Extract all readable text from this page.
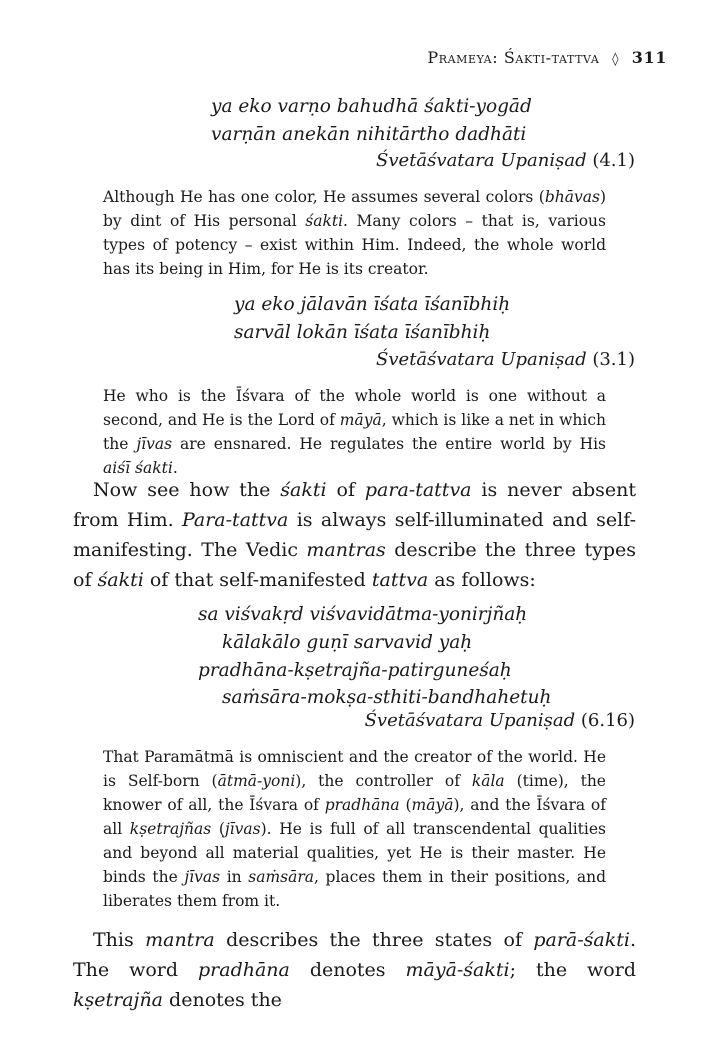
Prameya: Śakti-tattva ◊ 311
ya eko varṇo bahudhā śakti-yogād
varṇān anekān nihitārtho dadhāti
Śvetāśvatara Upaniṣad (4.1)
Although He has one color, He assumes several colors (bhāvas) by dint of His personal śakti. Many colors – that is, various types of potency – exist within Him. Indeed, the whole world has its being in Him, for He is its creator.
ya eko jālavān īśata īśanībhiḥ
sarvāl lokān īśata īśanībhiḥ
Śvetāśvatara Upaniṣad (3.1)
He who is the Īśvara of the whole world is one without a second, and He is the Lord of māyā, which is like a net in which the jīvas are ensnared. He regulates the entire world by His aiśī śakti.
Now see how the śakti of para-tattva is never absent from Him. Para-tattva is always self-illuminated and self-manifesting. The Vedic mantras describe the three types of śakti of that self-manifested tattva as follows:
sa viśvakṛd viśvavidātma-yonirjñaḥ
kālakālo guṇī sarvavid yaḥ
pradhāna-kṣetrajña-patirguneśaḥ
saṁsāra-mokṣa-sthiti-bandhahetuḥ
Śvetāśvatara Upaniṣad (6.16)
That Paramātmā is omniscient and the creator of the world. He is Self-born (ātmā-yoni), the controller of kāla (time), the knower of all, the Īśvara of pradhāna (māyā), and the Īśvara of all kṣetrajñas (jīvas). He is full of all transcendental qualities and beyond all material qualities, yet He is their master. He binds the jīvas in saṁsāra, places them in their positions, and liberates them from it.
This mantra describes the three states of parā-śakti. The word pradhāna denotes māyā-śakti; the word kṣetrajña denotes the
